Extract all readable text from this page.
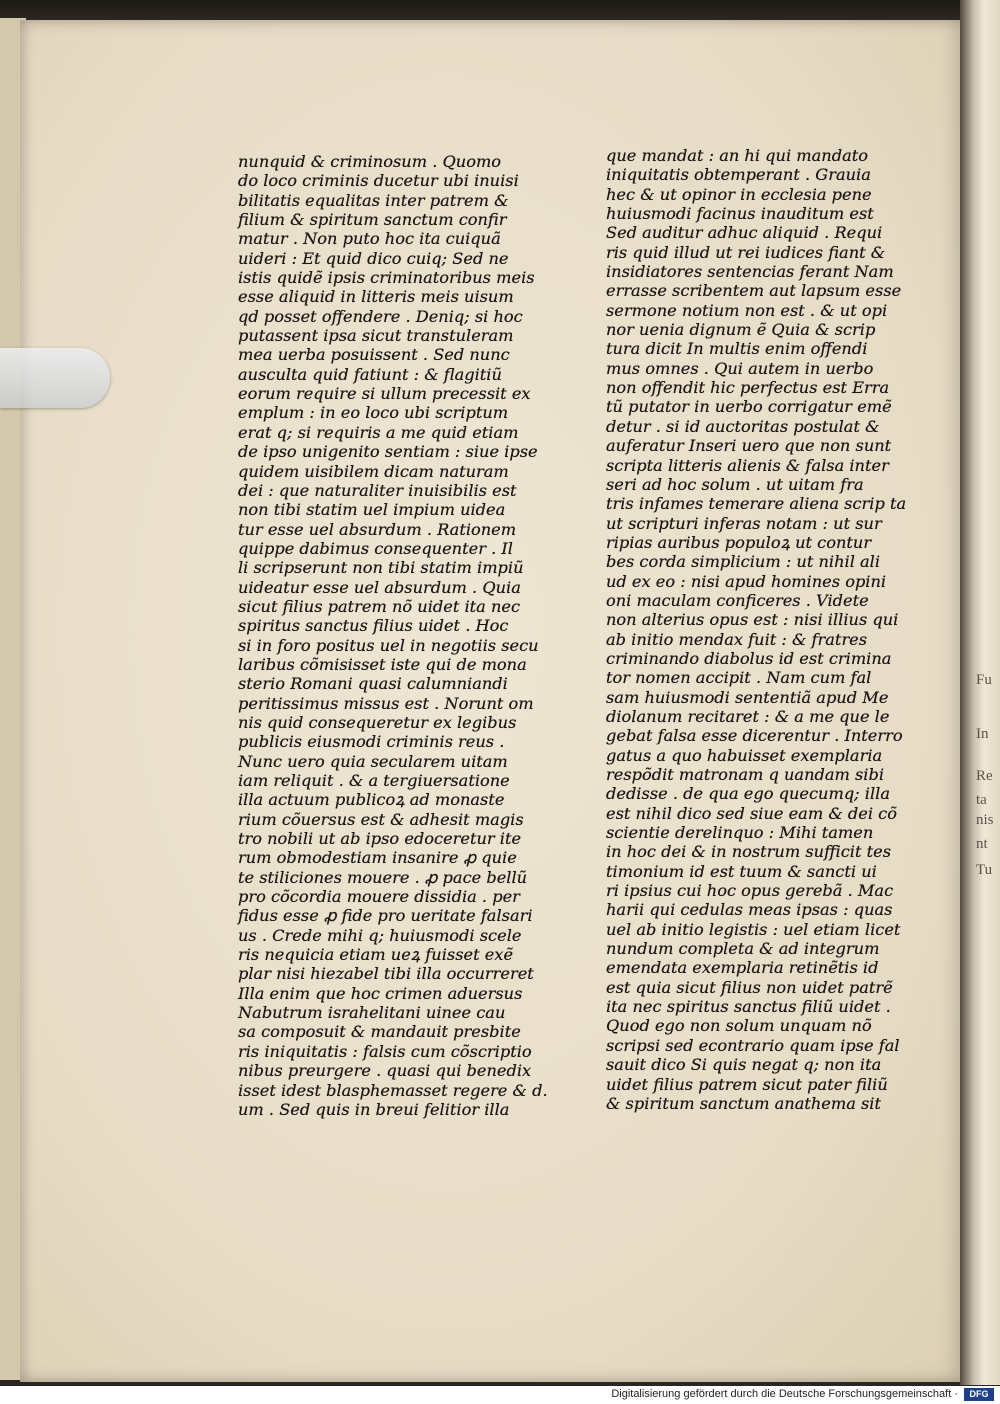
Fu
In
Re
ta
nis
nt
Tu
nunquid & criminosum . Quomo
do loco criminis ducetur ubi inuisi
bilitatis equalitas inter patrem &
filium & spiritum sanctum confir
matur . Non puto hoc ita cuiquã
uideri : Et quid dico cuiq; Sed ne
istis quidẽ ipsis criminatoribus meis
esse aliquid in litteris meis uisum
qd posset offendere . Deniq; si hoc
putassent ipsa sicut transtuleram
mea uerba posuissent . Sed nunc
ausculta quid fatiunt : & flagitiũ
eorum require si ullum precessit ex
emplum : in eo loco ubi scriptum
erat q; si requiris a me quid etiam
de ipso unigenito sentiam : siue ipse
quidem uisibilem dicam naturam
dei : que naturaliter inuisibilis est
non tibi statim uel impium uidea
tur esse uel absurdum . Rationem
quippe dabimus consequenter . Il
li scripserunt non tibi statim impiũ
uideatur esse uel absurdum . Quia
sicut filius patrem nõ uidet ita nec
spiritus sanctus filius uidet . Hoc
si in foro positus uel in negotiis secu
laribus cõmisisset iste qui de mona
sterio Romani quasi calumniandi
peritissimus missus est . Norunt om
nis quid consequeretur ex legibus
publicis eiusmodi criminis reus .
Nunc uero quia secularem uitam
iam reliquit . & a tergiuersatione
illa actuum publicoꝝ ad monaste
rium cõuersus est & adhesit magis
tro nobili ut ab ipso edoceretur ite
rum obmodestiam insanire ꝓ quie
te stiliciones mouere . ꝓ pace bellũ
pro cõcordia mouere dissidia . per
fidus esse ꝓ fide pro ueritate falsari
us . Crede mihi q; huiusmodi scele
ris nequicia etiam ueꝝ fuisset exẽ
plar nisi hiezabel tibi illa occurreret
Illa enim que hoc crimen aduersus
Nabutrum israhelitani uinee cau
sa composuit & mandauit presbite
ris iniquitatis : falsis cum cõscriptio
nibus preurgere . quasi qui benedix
isset idest blasphemasset regere & d.
um . Sed quis in breui felitior illa
que mandat : an hi qui mandato
iniquitatis obtemperant . Grauia
hec & ut opinor in ecclesia pene
huiusmodi facinus inauditum est
Sed auditur adhuc aliquid . Requi
ris quid illud ut rei iudices fiant &
insidiatores sentencias ferant Nam
errasse scribentem aut lapsum esse
sermone notium non est . & ut opi
nor uenia dignum ẽ Quia & scrip
tura dicit In multis enim offendi
mus omnes . Qui autem in uerbo
non offendit hic perfectus est Erra
tũ putator in uerbo corrigatur emẽ
detur . si id auctoritas postulat &
auferatur Inseri uero que non sunt
scripta litteris alienis & falsa inter
seri ad hoc solum . ut uitam fra
tris infames temerare aliena scrip ta
ut scripturi inferas notam : ut sur
ripias auribus populoꝝ ut contur
bes corda simplicium : ut nihil ali
ud ex eo : nisi apud homines opini
oni maculam conficeres . Videte
non alterius opus est : nisi illius qui
ab initio mendax fuit : & fratres
criminando diabolus id est crimina
tor nomen accipit . Nam cum fal
sam huiusmodi sententiã apud Me
diolanum recitaret : & a me que le
gebat falsa esse dicerentur . Interro
gatus a quo habuisset exemplaria
respõdit matronam q uandam sibi
dedisse . de qua ego quecumq; illa
est nihil dico sed siue eam & dei cõ
scientie derelinquo : Mihi tamen
in hoc dei & in nostrum sufficit tes
timonium id est tuum & sancti ui
ri ipsius cui hoc opus gerebã . Mac
harii qui cedulas meas ipsas : quas
uel ab initio legistis : uel etiam licet
nundum completa & ad integrum
emendata exemplaria retinẽtis id
est quia sicut filius non uidet patrẽ
ita nec spiritus sanctus filiũ uidet .
Quod ego non solum unquam nõ
scripsi sed econtrario quam ipse fal
sauit dico Si quis negat q; non ita
uidet filius patrem sicut pater filiũ
& spiritum sanctum anathema sit
Digitalisierung gefördert durch die Deutsche Forschungsgemeinschaft ·	DFG
